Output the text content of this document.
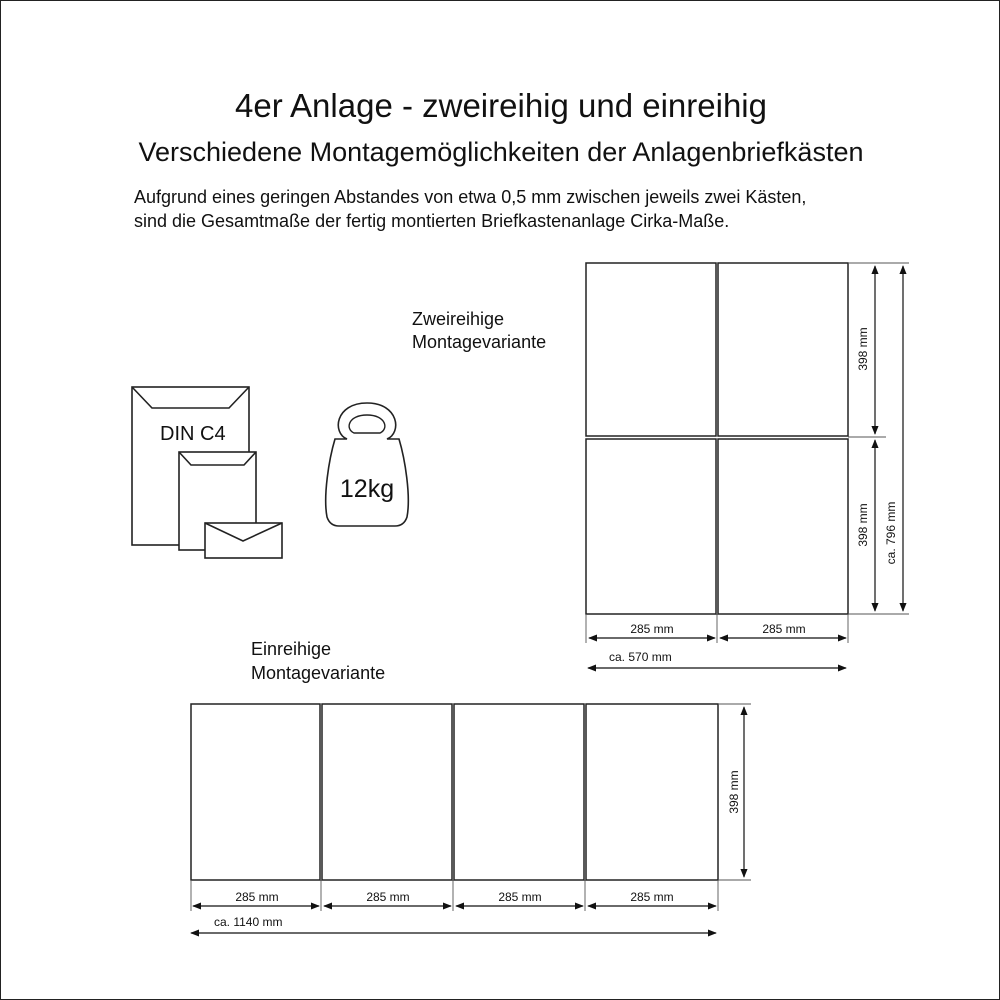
4er Anlage - zweireihig und einreihig
Verschiedene Montagemöglichkeiten der Anlagenbriefkästen
Aufgrund eines geringen Abstandes von etwa 0,5 mm zwischen jeweils zwei Kästen,
sind die Gesamtmaße der fertig montierten Briefkastenanlage Cirka-Maße.
Zweireihige
Montagevariante
Einreihige
Montagevariante
DIN C4
12kg
285 mm	285 mm
ca. 570 mm
398 mm
398 mm ca. 796 mm
285 mm	285 mm	285 mm	285 mm
ca. 1140 mm
398 mm
